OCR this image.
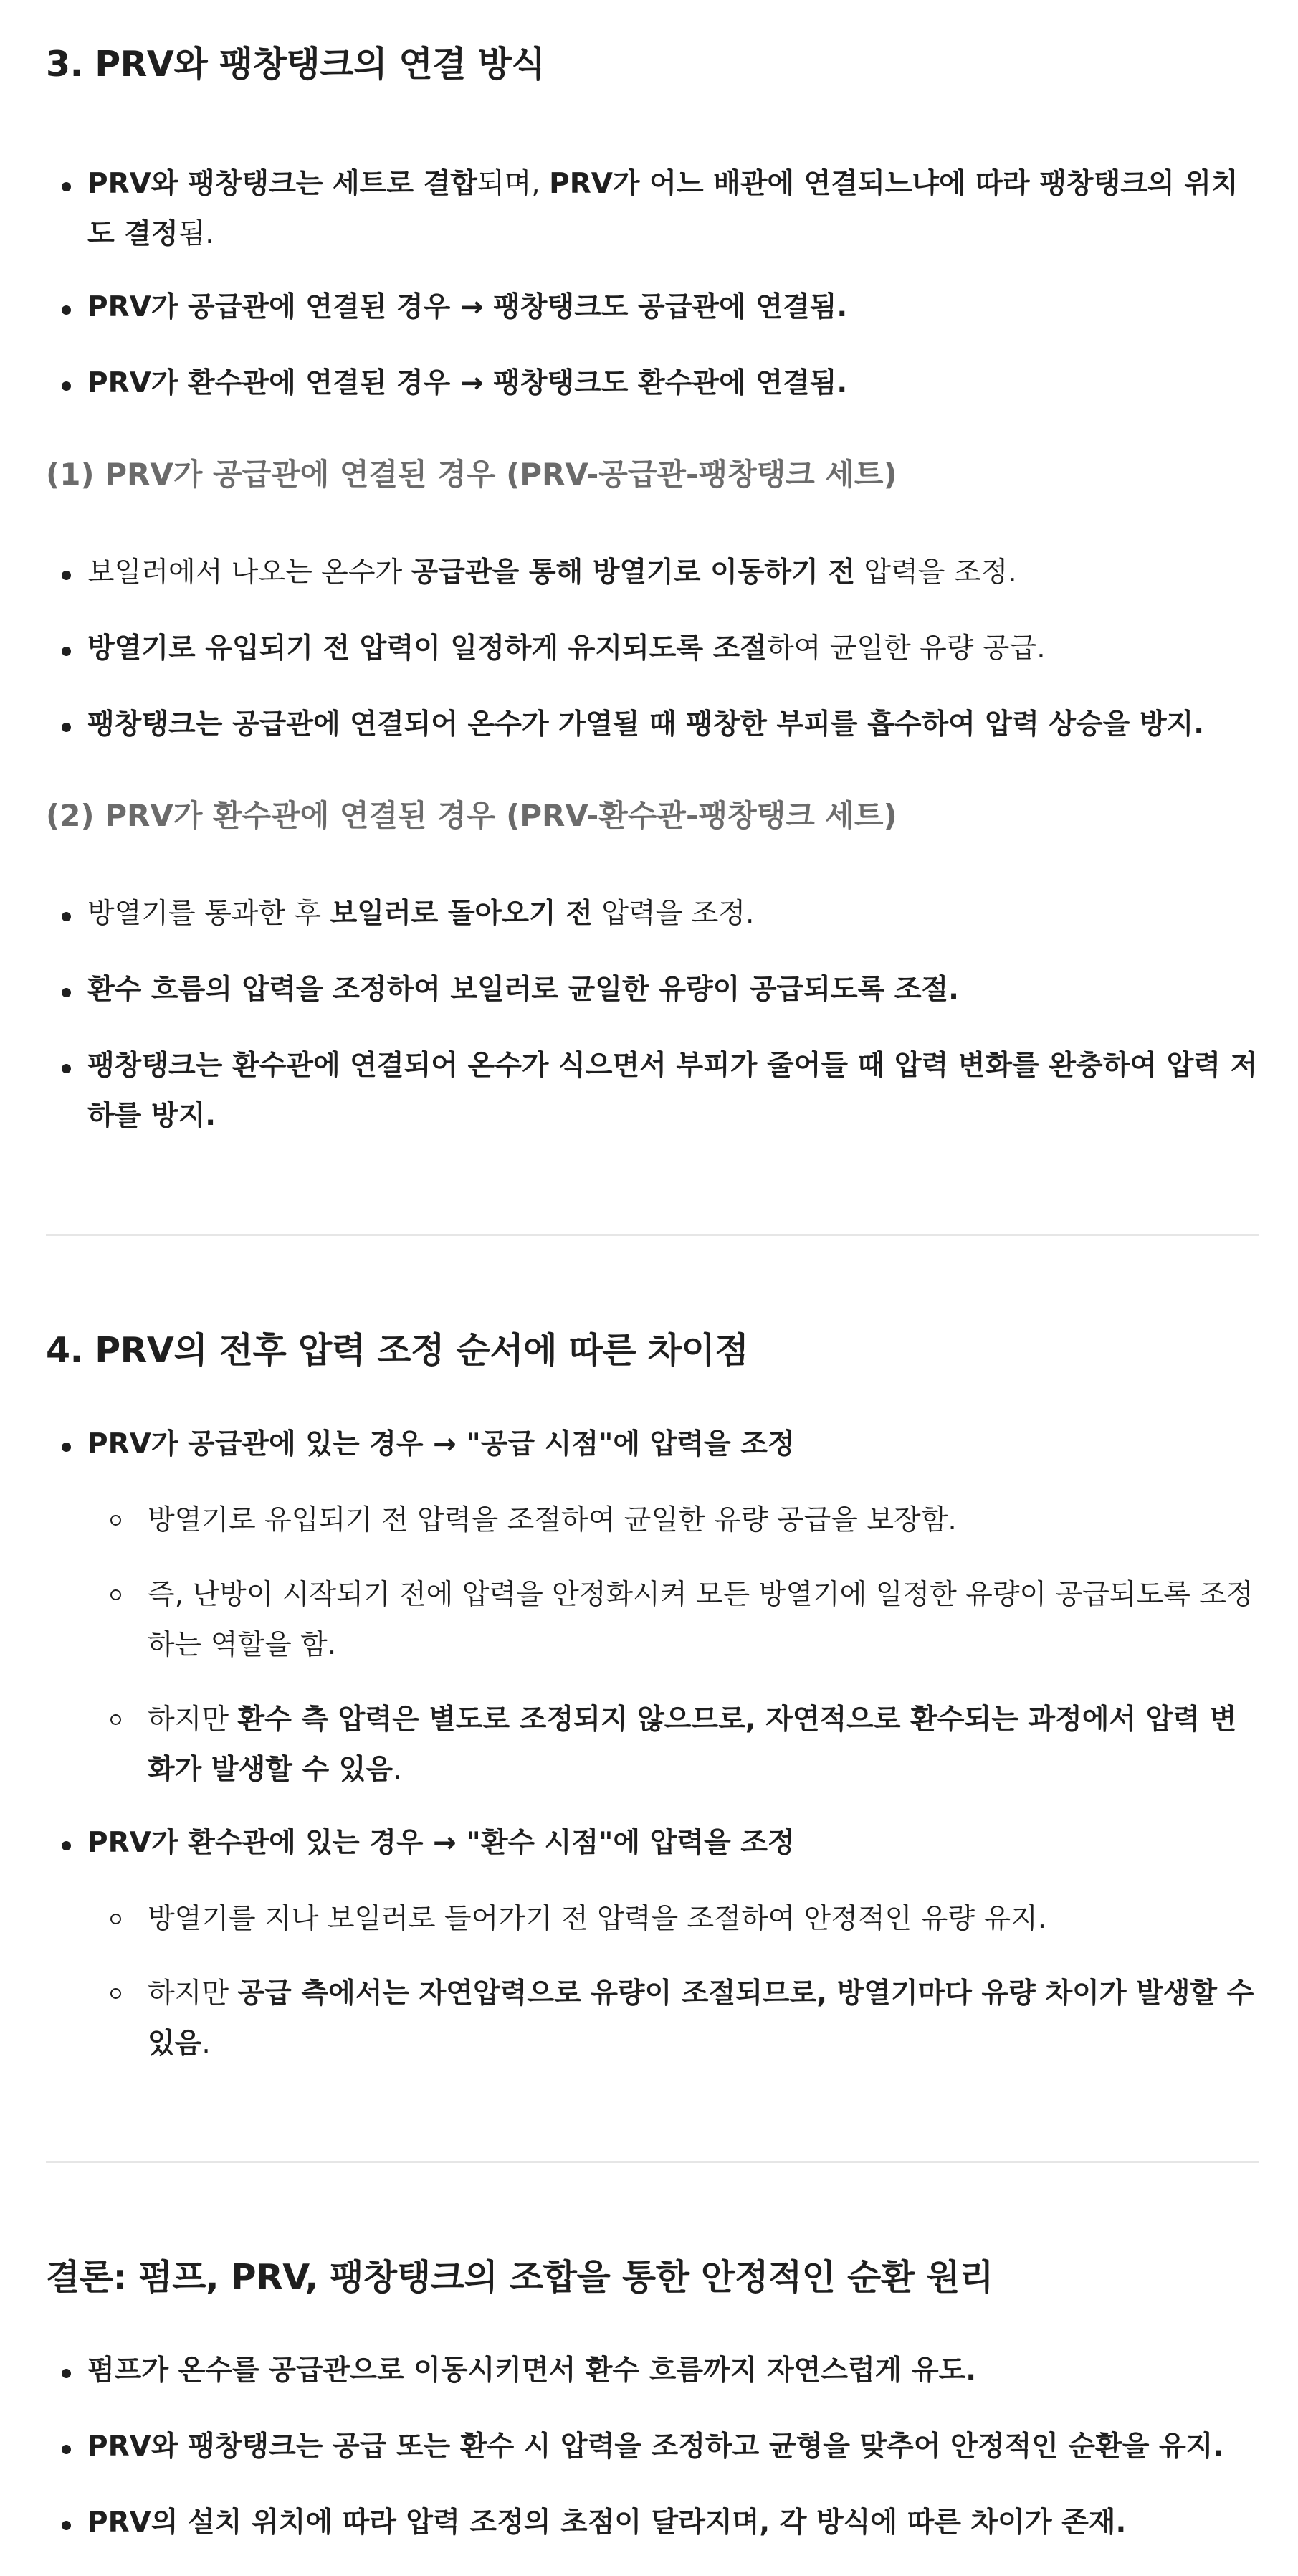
3. PRV와 팽창탱크의 연결 방식
PRV와 팽창탱크는 세트로 결합되며, PRV가 어느 배관에 연결되느냐에 따라 팽창탱크의 위치도 결정됨.
PRV가 공급관에 연결된 경우 → 팽창탱크도 공급관에 연결됨.
PRV가 환수관에 연결된 경우 → 팽창탱크도 환수관에 연결됨.
(1) PRV가 공급관에 연결된 경우 (PRV-공급관-팽창탱크 세트)
보일러에서 나오는 온수가 공급관을 통해 방열기로 이동하기 전 압력을 조정.
방열기로 유입되기 전 압력이 일정하게 유지되도록 조절하여 균일한 유량 공급.
팽창탱크는 공급관에 연결되어 온수가 가열될 때 팽창한 부피를 흡수하여 압력 상승을 방지.
(2) PRV가 환수관에 연결된 경우 (PRV-환수관-팽창탱크 세트)
방열기를 통과한 후 보일러로 돌아오기 전 압력을 조정.
환수 흐름의 압력을 조정하여 보일러로 균일한 유량이 공급되도록 조절.
팽창탱크는 환수관에 연결되어 온수가 식으면서 부피가 줄어들 때 압력 변화를 완충하여 압력 저하를 방지.
4. PRV의 전후 압력 조정 순서에 따른 차이점
PRV가 공급관에 있는 경우 → "공급 시점"에 압력을 조정
방열기로 유입되기 전 압력을 조절하여 균일한 유량 공급을 보장함.
즉, 난방이 시작되기 전에 압력을 안정화시켜 모든 방열기에 일정한 유량이 공급되도록 조정하는 역할을 함.
하지만 환수 측 압력은 별도로 조정되지 않으므로, 자연적으로 환수되는 과정에서 압력 변화가 발생할 수 있음.
PRV가 환수관에 있는 경우 → "환수 시점"에 압력을 조정
방열기를 지나 보일러로 들어가기 전 압력을 조절하여 안정적인 유량 유지.
하지만 공급 측에서는 자연압력으로 유량이 조절되므로, 방열기마다 유량 차이가 발생할 수 있음.
결론: 펌프, PRV, 팽창탱크의 조합을 통한 안정적인 순환 원리
펌프가 온수를 공급관으로 이동시키면서 환수 흐름까지 자연스럽게 유도.
PRV와 팽창탱크는 공급 또는 환수 시 압력을 조정하고 균형을 맞추어 안정적인 순환을 유지.
PRV의 설치 위치에 따라 압력 조정의 초점이 달라지며, 각 방식에 따른 차이가 존재.
